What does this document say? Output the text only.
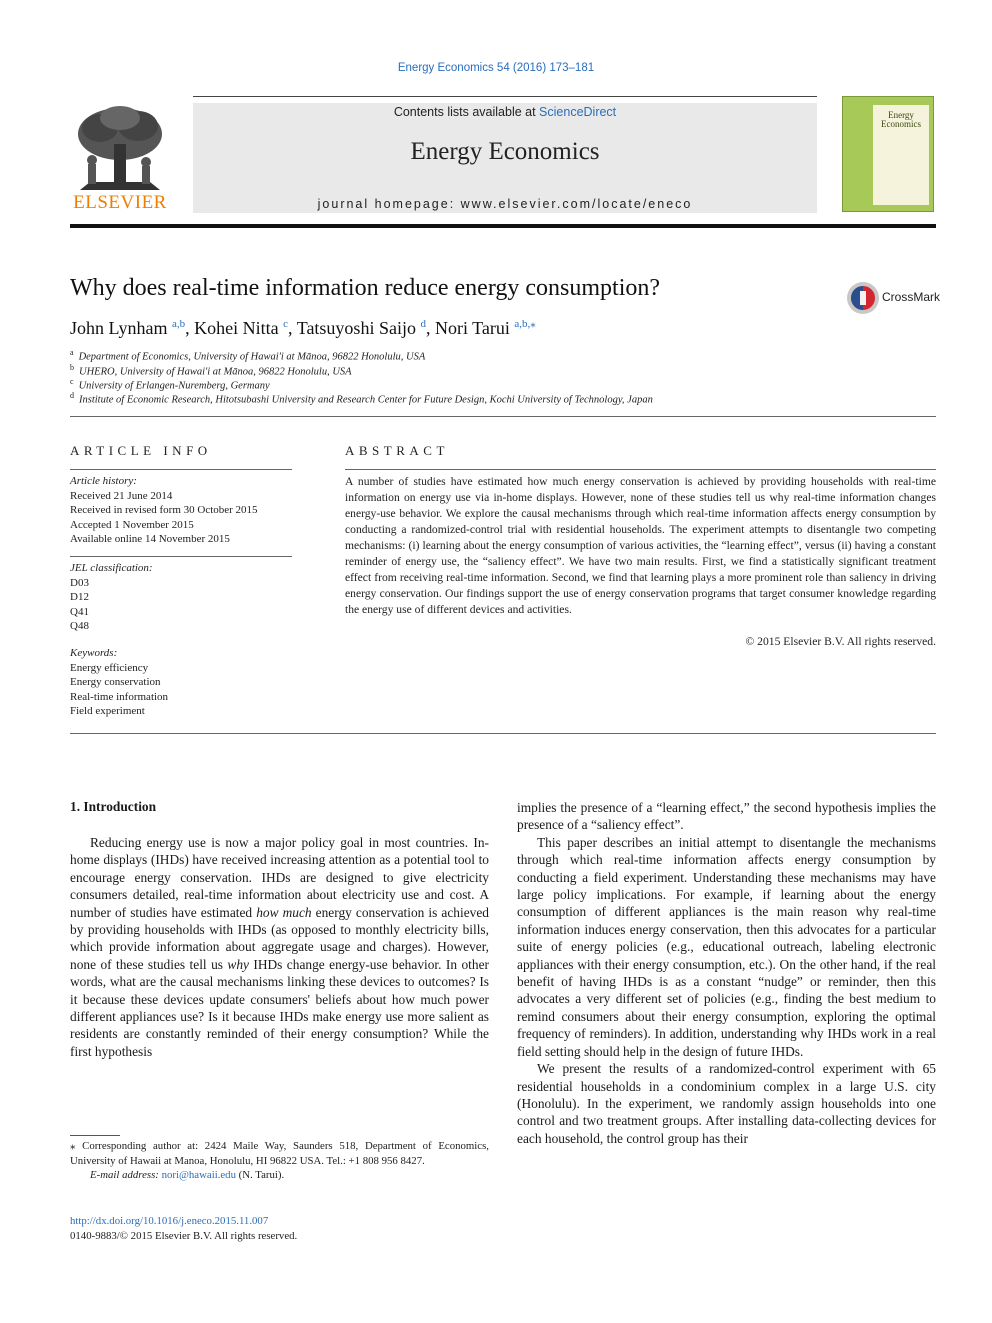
Energy Economics 54 (2016) 173–181
ELSEVIER
Contents lists available at ScienceDirect
Energy Economics
journal homepage: www.elsevier.com/locate/eneco
Energy Economics
Why does real-time information reduce energy consumption?	CrossMark
John Lynham $^{a,b}$, Kohei Nitta $^c$, Tatsuyoshi Saijo $^d$, Nori Tarui $^{a,b,⁎}$
$^a$ Department of Economics, University of Hawai'i at Mānoa, 96822 Honolulu, USA
$^b$ UHERO, University of Hawai'i at Mānoa, 96822 Honolulu, USA
$^c$ University of Erlangen-Nuremberg, Germany
$^d$ Institute of Economic Research, Hitotsubashi University and Research Center for Future Design, Kochi University of Technology, Japan
ARTICLE INFO
Article history:
Received 21 June 2014
Received in revised form 30 October 2015
Accepted 1 November 2015
Available online 14 November 2015
JEL classification:
D03
D12
Q41
Q48
Keywords:
Energy efficiency
Energy conservation
Real-time information
Field experiment
ABSTRACT
A number of studies have estimated how much energy conservation is achieved by providing households with real-time information on energy use via in-home displays. However, none of these studies tell us why real-time information changes energy-use behavior. We explore the causal mechanisms through which real-time information affects energy consumption by conducting a randomized-control trial with residential households. The experiment attempts to disentangle two competing mechanisms: (i) learning about the energy consumption of various activities, the “learning effect”, versus (ii) having a constant reminder of energy use, the “saliency effect”. We have two main results. First, we find a statistically significant treatment effect from receiving real-time information. Second, we find that learning plays a more prominent role than saliency in driving energy conservation. Our findings support the use of energy conservation programs that target consumer knowledge regarding the energy use of different devices and activities.
© 2015 Elsevier B.V. All rights reserved.
1. Introduction

Reducing energy use is now a major policy goal in most countries. In-home displays (IHDs) have received increasing attention as a potential tool to encourage energy conservation. IHDs are designed to give electricity consumers detailed, real-time information about electricity use and cost. A number of studies have estimated how much energy conservation is achieved by providing households with IHDs (as opposed to monthly electricity bills, which provide information about aggregate usage and charges). However, none of these studies tell us why IHDs change energy-use behavior. In other words, what are the causal mechanisms linking these devices to outcomes? Is it because these devices update consumers' beliefs about how much power different appliances use? Is it because IHDs make energy use more salient as residents are constantly reminded of their energy consumption? While the first hypothesis

implies the presence of a “learning effect,” the second hypothesis implies the presence of a “saliency effect”.

This paper describes an initial attempt to disentangle the mechanisms through which real-time information affects energy consumption by conducting a field experiment. Understanding these mechanisms may have large policy implications. For example, if learning about the energy consumption of different appliances is the main reason why real-time information induces energy conservation, then this advocates for a particular suite of energy policies (e.g., educational outreach, labeling electronic appliances with their energy consumption, etc.). On the other hand, if the real benefit of having IHDs is as a constant “nudge” or reminder, then this advocates a very different set of policies (e.g., finding the best medium to remind consumers about their energy consumption, exploring the optimal frequency of reminders). In addition, understanding why IHDs work in a real field setting should help in the design of future IHDs.

We present the results of a randomized-control experiment with 65 residential households in a condominium complex in a large U.S. city (Honolulu). In the experiment, we randomly assign households into one control and two treatment groups. After installing data-collecting devices for each household, the control group has their

⁎ Corresponding author at: 2424 Maile Way, Saunders 518, Department of Economics, University of Hawaii at Manoa, Honolulu, HI 96822 USA. Tel.: +1 808 956 8427.
E-mail address: nori@hawaii.edu (N. Tarui).
http://dx.doi.org/10.1016/j.eneco.2015.11.007
0140-9883/© 2015 Elsevier B.V. All rights reserved.
